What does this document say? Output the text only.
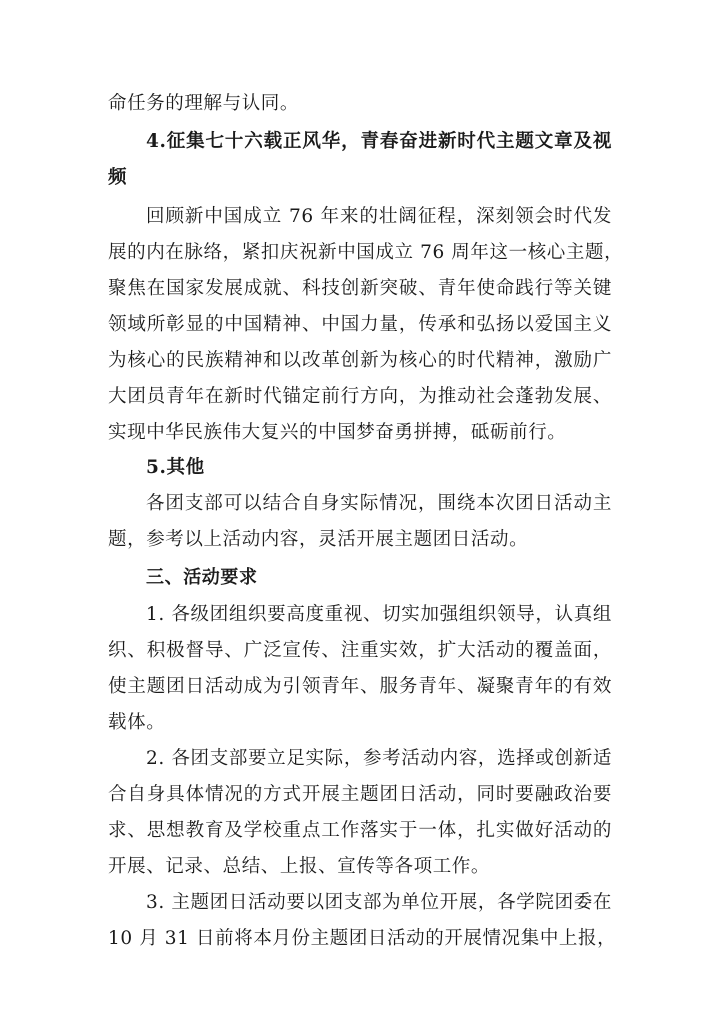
命任务的理解与认同。
4.征集七十六载正风华，青春奋进新时代主题文章及视
频
回顾新中国成立 76 年来的壮阔征程，深刻领会时代发
展的内在脉络，紧扣庆祝新中国成立 76 周年这一核心主题，
聚焦在国家发展成就、科技创新突破、青年使命践行等关键
领域所彰显的中国精神、中国力量，传承和弘扬以爱国主义
为核心的民族精神和以改革创新为核心的时代精神，激励广
大团员青年在新时代锚定前行方向，为推动社会蓬勃发展、
实现中华民族伟大复兴的中国梦奋勇拼搏，砥砺前行。
5.其他
各团支部可以结合自身实际情况，围绕本次团日活动主
题，参考以上活动内容，灵活开展主题团日活动。
三、活动要求
1. 各级团组织要高度重视、切实加强组织领导，认真组
织、积极督导、广泛宣传、注重实效，扩大活动的覆盖面，
使主题团日活动成为引领青年、服务青年、凝聚青年的有效
载体。
2. 各团支部要立足实际，参考活动内容，选择或创新适
合自身具体情况的方式开展主题团日活动，同时要融政治要
求、思想教育及学校重点工作落实于一体，扎实做好活动的
开展、记录、总结、上报、宣传等各项工作。
3. 主题团日活动要以团支部为单位开展，各学院团委在
10 月 31 日前将本月份主题团日活动的开展情况集中上报，
